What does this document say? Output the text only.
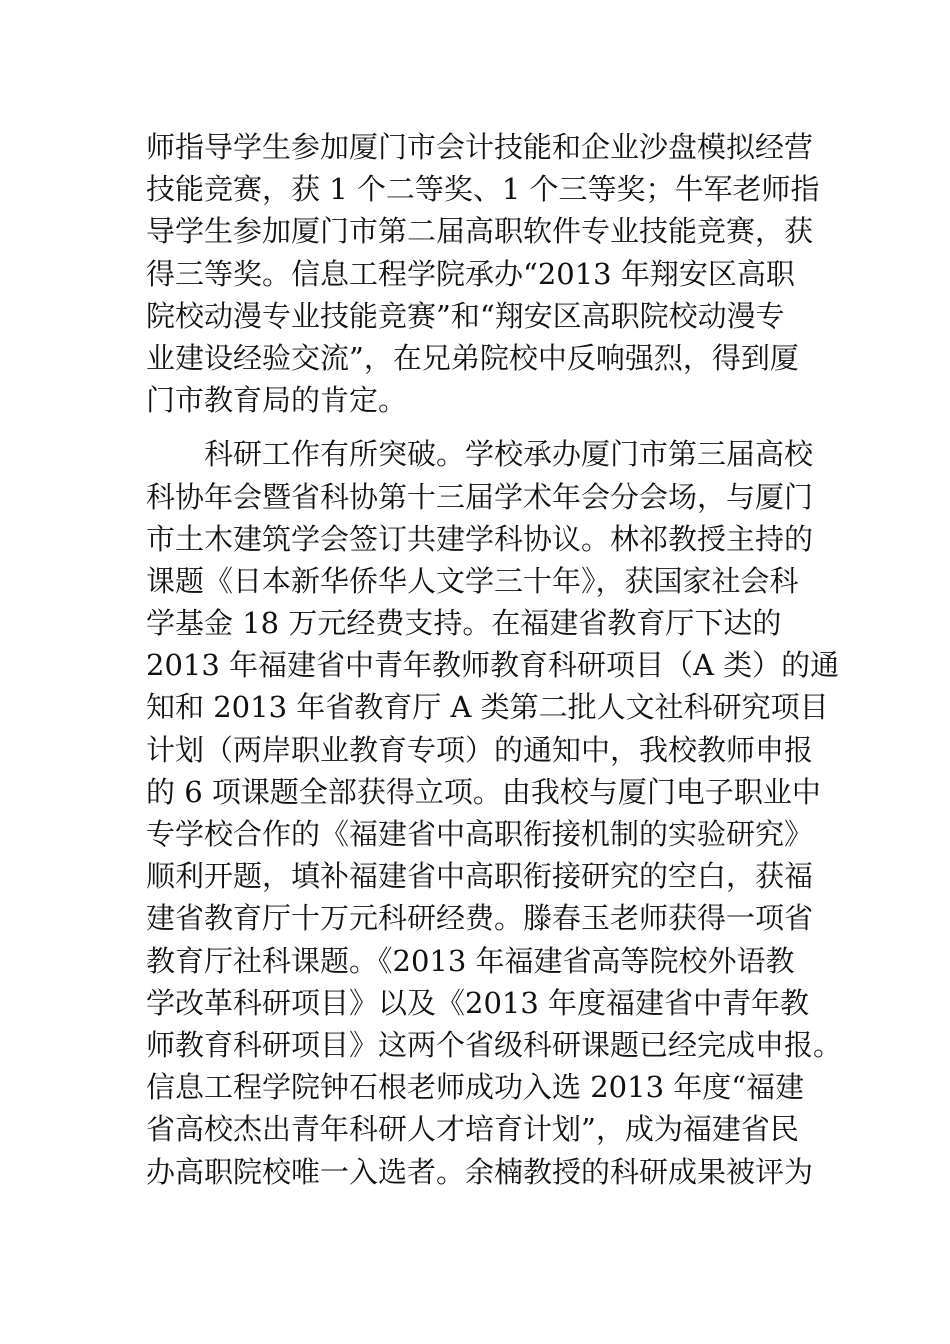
师指导学生参加厦门市会计技能和企业沙盘模拟经营
技能竞赛，获 1 个二等奖、1 个三等奖；牛军老师指
导学生参加厦门市第二届高职软件专业技能竞赛，获
得三等奖。信息工程学院承办“2013 年翔安区高职
院校动漫专业技能竞赛”和“翔安区高职院校动漫专
业建设经验交流”，在兄弟院校中反响强烈，得到厦
门市教育局的肯定。
　　科研工作有所突破。学校承办厦门市第三届高校
科协年会暨省科协第十三届学术年会分会场，与厦门
市土木建筑学会签订共建学科协议。林祁教授主持的
课题《日本新华侨华人文学三十年》，获国家社会科
学基金 18 万元经费支持。在福建省教育厅下达的
2013 年福建省中青年教师教育科研项目（A 类）的通
知和 2013 年省教育厅 A 类第二批人文社科研究项目
计划（两岸职业教育专项）的通知中，我校教师申报
的 6 项课题全部获得立项。由我校与厦门电子职业中
专学校合作的《福建省中高职衔接机制的实验研究》
顺利开题，填补福建省中高职衔接研究的空白，获福
建省教育厅十万元科研经费。滕春玉老师获得一项省
教育厅社科课题。《2013 年福建省高等院校外语教
学改革科研项目》以及《2013 年度福建省中青年教
师教育科研项目》这两个省级科研课题已经完成申报。
信息工程学院钟石根老师成功入选 2013 年度“福建
省高校杰出青年科研人才培育计划”，成为福建省民
办高职院校唯一入选者。余楠教授的科研成果被评为
